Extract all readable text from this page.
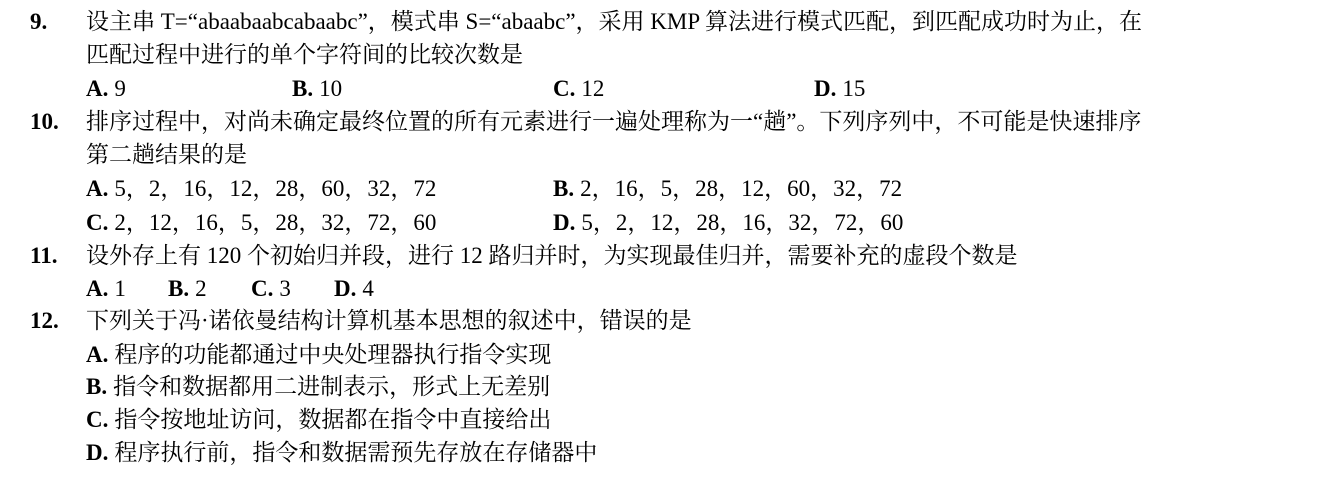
9. 设主串 T=“abaabaabcabaabc”，模式串 S=“abaabc”，采用 KMP 算法进行模式匹配，到匹配成功时为止，在
匹配过程中进行的单个字符间的比较次数是
A. 9	B. 10	C. 12	D. 15
10. 排序过程中，对尚未确定最终位置的所有元素进行一遍处理称为一“趟”。下列序列中，不可能是快速排序
第二趟结果的是
A. 5，2，16，12，28，60，32，72	B. 2，16，5，28，12，60，32，72
C. 2，12，16，5，28，32，72，60	D. 5，2，12，28，16，32，72，60
11. 设外存上有 120 个初始归并段，进行 12 路归并时，为实现最佳归并，需要补充的虚段个数是
A. 1 B. 2 C. 3 D. 4
12. 下列关于冯·诺依曼结构计算机基本思想的叙述中，错误的是
A. 程序的功能都通过中央处理器执行指令实现
B. 指令和数据都用二进制表示，形式上无差别
C. 指令按地址访问，数据都在指令中直接给出
D. 程序执行前，指令和数据需预先存放在存储器中
